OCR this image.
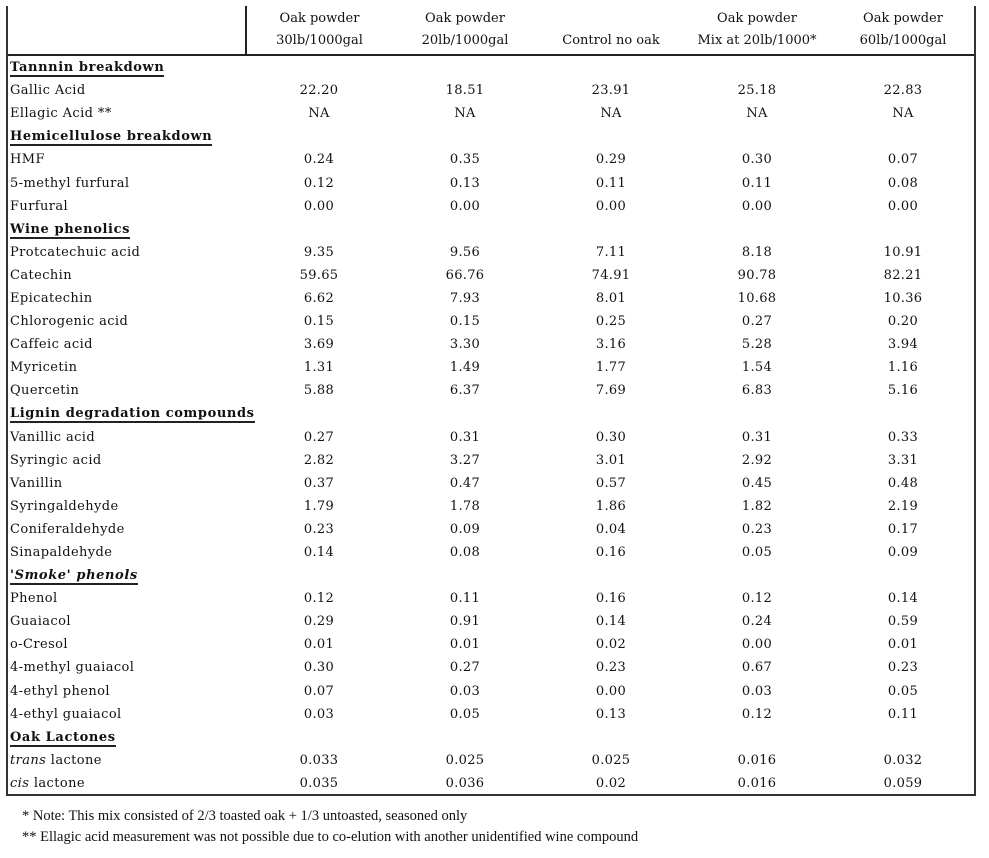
	Oak powder	Oak powder		Oak powder	Oak powder
	30lb/1000gal	20lb/1000gal	Control no oak	Mix at 20lb/1000*	60lb/1000gal
Tannnin breakdown					
Gallic Acid	22.20	18.51	23.91	25.18	22.83
Ellagic Acid **	NA	NA	NA	NA	NA
Hemicellulose breakdown					
HMF	0.24	0.35	0.29	0.30	0.07
5-methyl furfural	0.12	0.13	0.11	0.11	0.08
Furfural	0.00	0.00	0.00	0.00	0.00
Wine phenolics					
Protcatechuic acid	9.35	9.56	7.11	8.18	10.91
Catechin	59.65	66.76	74.91	90.78	82.21
Epicatechin	6.62	7.93	8.01	10.68	10.36
Chlorogenic acid	0.15	0.15	0.25	0.27	0.20
Caffeic acid	3.69	3.30	3.16	5.28	3.94
Myricetin	1.31	1.49	1.77	1.54	1.16
Quercetin	5.88	6.37	7.69	6.83	5.16
Lignin degradation compounds					
Vanillic acid	0.27	0.31	0.30	0.31	0.33
Syringic acid	2.82	3.27	3.01	2.92	3.31
Vanillin	0.37	0.47	0.57	0.45	0.48
Syringaldehyde	1.79	1.78	1.86	1.82	2.19
Coniferaldehyde	0.23	0.09	0.04	0.23	0.17
Sinapaldehyde	0.14	0.08	0.16	0.05	0.09
'Smoke' phenols					
Phenol	0.12	0.11	0.16	0.12	0.14
Guaiacol	0.29	0.91	0.14	0.24	0.59
o-Cresol	0.01	0.01	0.02	0.00	0.01
4-methyl guaiacol	0.30	0.27	0.23	0.67	0.23
4-ethyl phenol	0.07	0.03	0.00	0.03	0.05
4-ethyl guaiacol	0.03	0.05	0.13	0.12	0.11
Oak Lactones					
trans lactone	0.033	0.025	0.025	0.016	0.032
cis lactone	0.035	0.036	0.02	0.016	0.059
* Note: This mix consisted of 2/3 toasted oak + 1/3 untoasted, seasoned only
** Ellagic acid measurement was not possible due to co-elution with another unidentified wine compound
